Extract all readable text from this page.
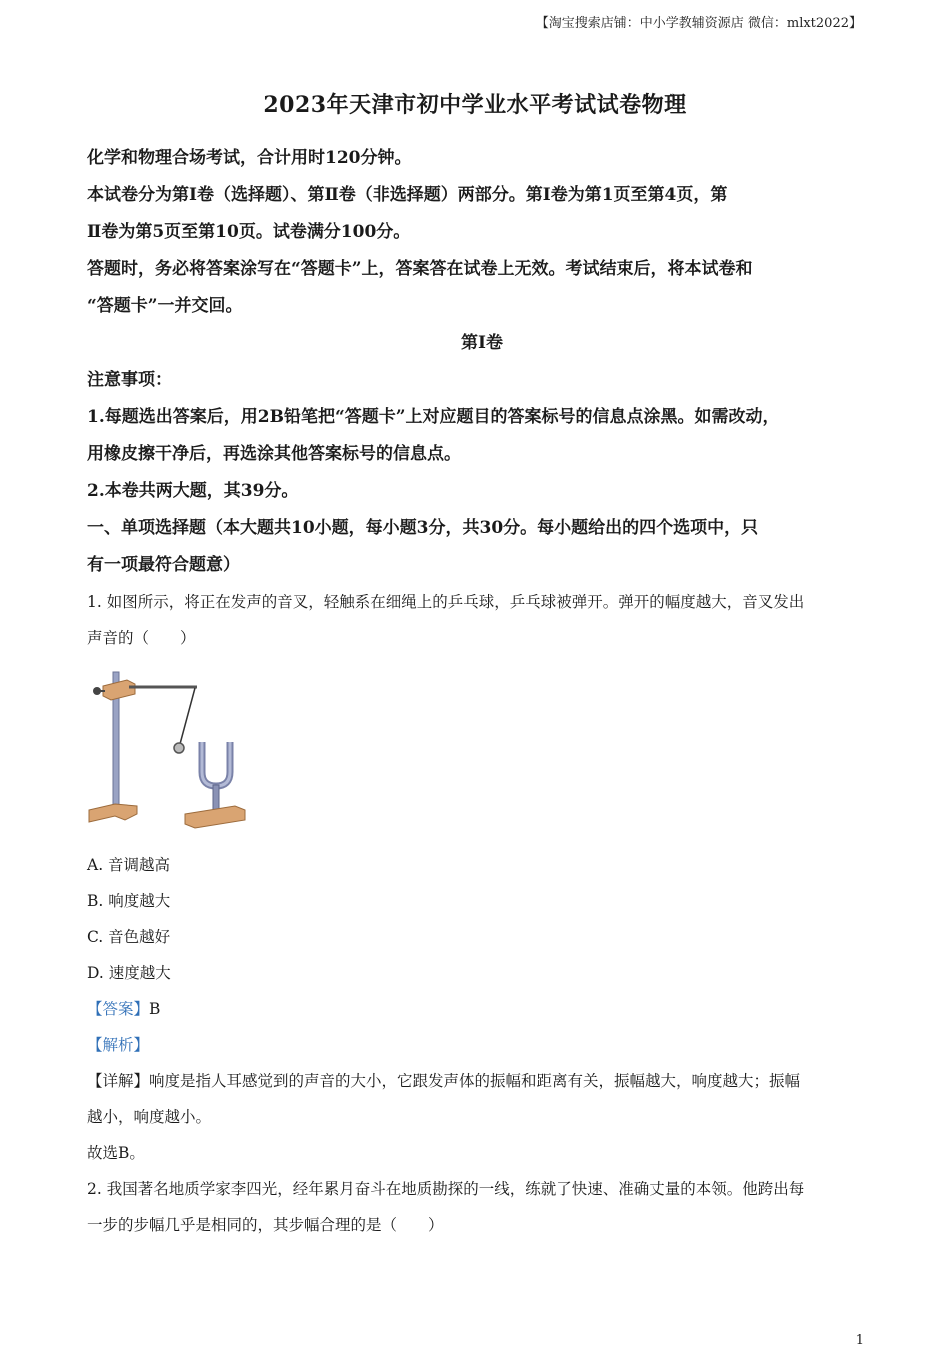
【淘宝搜索店铺：中小学教辅资源店 微信：mlxt2022】
2023年天津市初中学业水平考试试卷物理

化学和物理合场考试，合计用时120分钟。

本试卷分为第Ⅰ卷（选择题）、第Ⅱ卷（非选择题）两部分。第Ⅰ卷为第1页至第4页，第

Ⅱ卷为第5页至第10页。试卷满分100分。

答题时，务必将答案涂写在“答题卡”上，答案答在试卷上无效。考试结束后，将本试卷和

“答题卡”一并交回。

第Ⅰ卷

注意事项：

1.每题选出答案后，用2B铅笔把“答题卡”上对应题目的答案标号的信息点涂黑。如需改动，

用橡皮擦干净后，再选涂其他答案标号的信息点。

2.本卷共两大题，其39分。

一、单项选择题（本大题共10小题，每小题3分，共30分。每小题给出的四个选项中，只

有一项最符合题意）

1. 如图所示，将正在发声的音叉，轻触系在细绳上的乒乓球，乒乓球被弹开。弹开的幅度越大，音叉发出

声音的（　　）

A. 音调越高

B. 响度越大

C. 音色越好

D. 速度越大

【答案】B

【解析】

【详解】响度是指人耳感觉到的声音的大小，它跟发声体的振幅和距离有关，振幅越大，响度越大；振幅

越小，响度越小。

故选B。

2. 我国著名地质学家李四光，经年累月奋斗在地质勘探的一线，练就了快速、准确丈量的本领。他跨出每

一步的步幅几乎是相同的，其步幅合理的是（　　）

1
